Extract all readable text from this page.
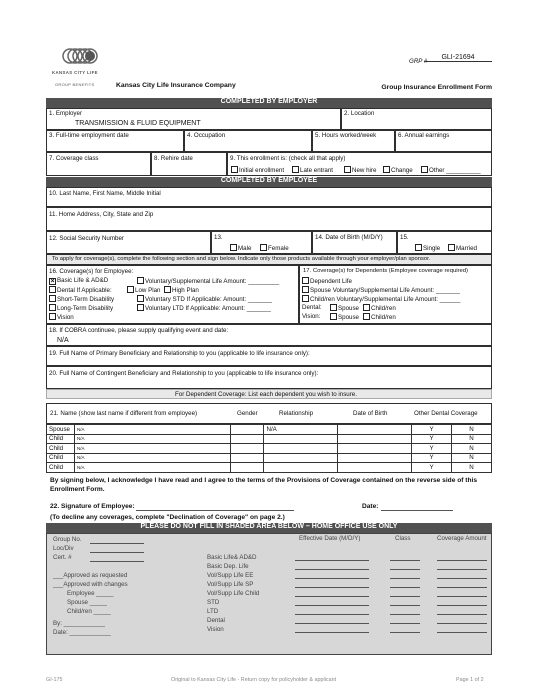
KANSAS CITY LIFE
GROUP BENEFITS	Kansas City Life Insurance Company	Group Insurance Enrollment Form
GRP #
GLI-21694
COMPLETED BY EMPLOYER
1. Employer
TRANSMISSION & FLUID EQUIPMENT
2. Location
3. Full-time employment date	4. Occupation	5. Hours worked/week	6. Annual earnings
7. Coverage class	8. Rehire date	9. This enrollment is: (check all that apply)
Initial enrollment	Late entrant	New hire	Change	Other __________
COMPLETED BY EMPLOYEE
10. Last Name, First Name, Middle Initial
11. Home Address, City, State and Zip
12. Social Security Number	13.
Male	Female
14. Date of Birth (M/D/Y)	15.
Single	Married
To apply for coverage(s), complete the following section and sign below. Indicate only those products available through your employer/plan sponsor.
16. Coverage(s) for Employee:
× Basic Life & AD&D
Dental If Applicable:	Low Plan	High Plan
Short-Term Disability
Long-Term Disability
Vision
Voluntary/Supplemental Life Amount: _________
Voluntary STD If Applicable: Amount: _______
Voluntary LTD If Applicable: Amount: _______
17. Coverage(s) for Dependents (Employee coverage required)
Dependent Life
Spouse Voluntary/Supplemental Life Amount: _______
Child/ren Voluntary/Supplemental Life Amount: ______
Dental:	Spouse	Child/ren
Vision:	Spouse	Child/ren
18. If COBRA continuee, please supply qualifying event and date:
N/A
19. Full Name of Primary Beneficiary and Relationship to you (applicable to life insurance only):
20. Full Name of Contingent Beneficiary and Relationship to you (applicable to life insurance only):
For Dependent Coverage: List each dependent you wish to insure.
21. Name (show last name if different from employee)	Gender	Relationship	Date of Birth	Other Dental Coverage
Spouse	N/A		N/A		Y	N
Child	N/A				Y	N
Child	N/A				Y	N
Child	N/A				Y	N
Child	N/A				Y	N
By signing below, I acknowledge I have read and I agree to the terms of the Provisions of Coverage contained on the reverse side of this Enrollment Form.
22. Signature of Employee:	Date:
(To decline any coverages, complete "Declination of Coverage" on page 2.)
PLEASE DO NOT FILL IN SHADED AREA BELOW – HOME OFFICE USE ONLY
Group No.
Loc/Div
Cert. #
___Approved as requested
___Approved with changes
Employee _____
Spouse _____
Child/ren _____
By: ____________
Date: ____________
Effective Date (M/D/Y)	Class	Coverage Amount
Basic Life& AD&D
Basic Dep. Life
Vol/Supp Life EE
Vol/Supp Life SP
Vol/Supp Life Child
STD
LTD
Dental
Vision
GI-175	Original to Kansas City Life - Return copy for policyholder & applicant	Page 1 of 2
